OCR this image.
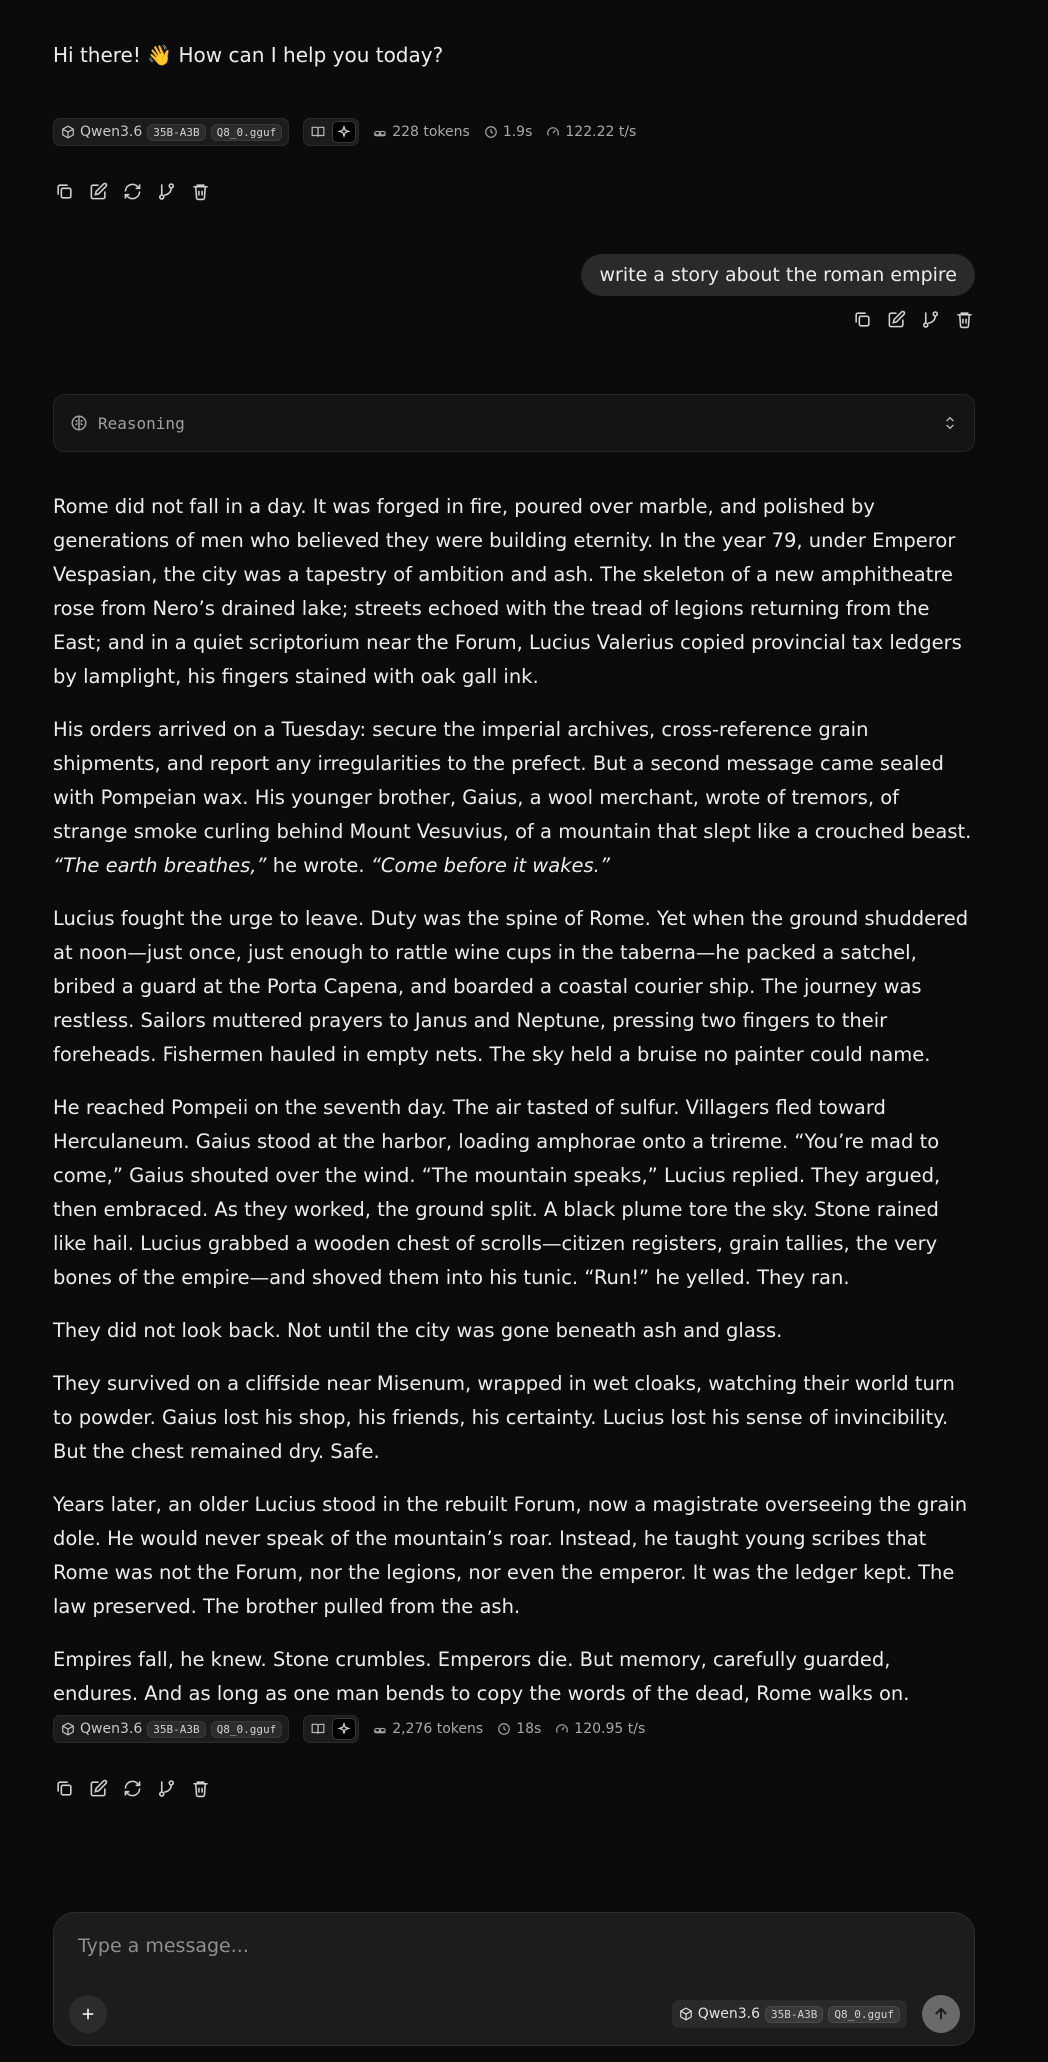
Hi there! 👋 How can I help you today?
Qwen3.6	35B-A3B	Q8_0.gguf	228 tokens 1.9s 122.22 t/s
write a story about the roman empire
Reasoning

Rome did not fall in a day. It was forged in fire, poured over marble, and polished by generations of men who believed they were building eternity. In the year 79, under Emperor Vespasian, the city was a tapestry of ambition and ash. The skeleton of a new amphitheatre rose from Nero’s drained lake; streets echoed with the tread of legions returning from the East; and in a quiet scriptorium near the Forum, Lucius Valerius copied provincial tax ledgers by lamplight, his fingers stained with oak gall ink.

His orders arrived on a Tuesday: secure the imperial archives, cross-reference grain shipments, and report any irregularities to the prefect. But a second message came sealed with Pompeian wax. His younger brother, Gaius, a wool merchant, wrote of tremors, of strange smoke curling behind Mount Vesuvius, of a mountain that slept like a crouched beast. “The earth breathes,” he wrote. “Come before it wakes.”

Lucius fought the urge to leave. Duty was the spine of Rome. Yet when the ground shuddered at noon—just once, just enough to rattle wine cups in the taberna—he packed a satchel, bribed a guard at the Porta Capena, and boarded a coastal courier ship. The journey was restless. Sailors muttered prayers to Janus and Neptune, pressing two fingers to their foreheads. Fishermen hauled in empty nets. The sky held a bruise no painter could name.

He reached Pompeii on the seventh day. The air tasted of sulfur. Villagers fled toward Herculaneum. Gaius stood at the harbor, loading amphorae onto a trireme. “You’re mad to come,” Gaius shouted over the wind. “The mountain speaks,” Lucius replied. They argued, then embraced. As they worked, the ground split. A black plume tore the sky. Stone rained like hail. Lucius grabbed a wooden chest of scrolls—citizen registers, grain tallies, the very bones of the empire—and shoved them into his tunic. “Run!” he yelled. They ran.

They did not look back. Not until the city was gone beneath ash and glass.

They survived on a cliffside near Misenum, wrapped in wet cloaks, watching their world turn to powder. Gaius lost his shop, his friends, his certainty. Lucius lost his sense of invincibility. But the chest remained dry. Safe.

Years later, an older Lucius stood in the rebuilt Forum, now a magistrate overseeing the grain dole. He would never speak of the mountain’s roar. Instead, he taught young scribes that Rome was not the Forum, nor the legions, nor even the emperor. It was the ledger kept. The law preserved. The brother pulled from the ash.

Empires fall, he knew. Stone crumbles. Emperors die. But memory, carefully guarded, endures. And as long as one man bends to copy the words of the dead, Rome walks on.

Qwen3.6	35B-A3B	Q8_0.gguf	2,276 tokens 18s 120.95 t/s
Type a message...
Qwen3.6	35B-A3B	Q8_0.gguf
